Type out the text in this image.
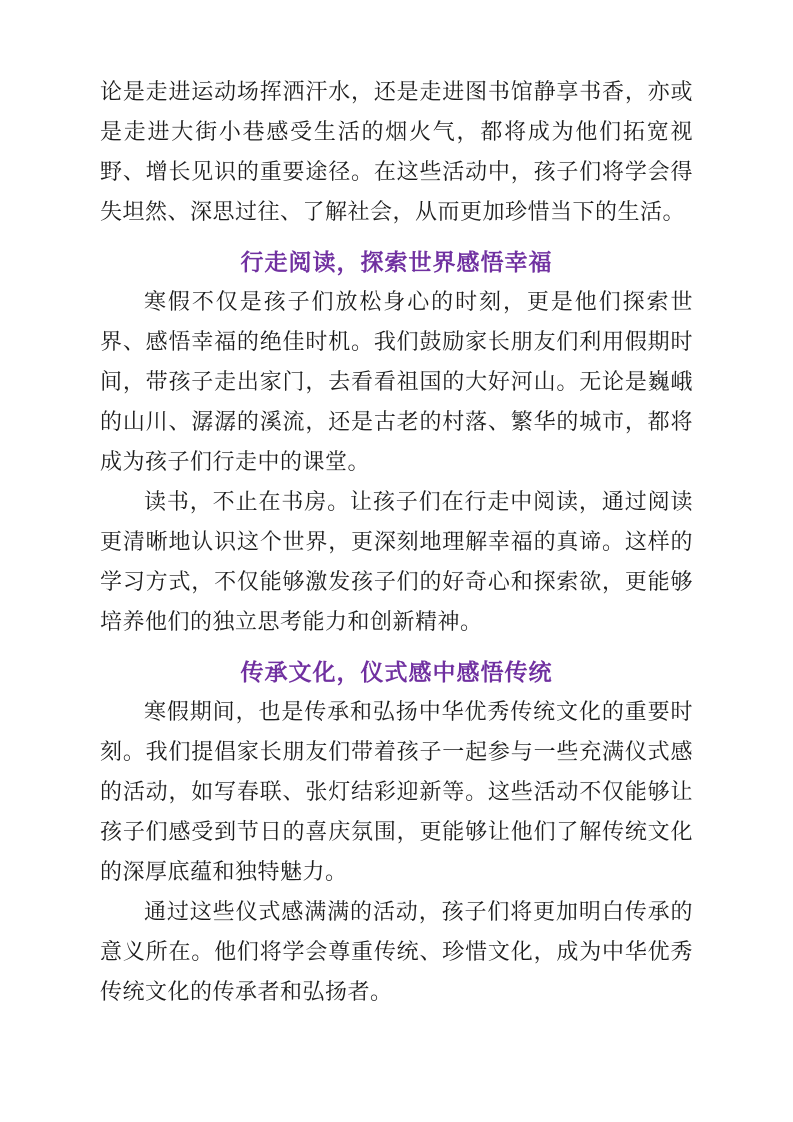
论是走进运动场挥洒汗水，还是走进图书馆静享书香，亦或是走进大街小巷感受生活的烟火气，都将成为他们拓宽视野、增长见识的重要途径。在这些活动中，孩子们将学会得失坦然、深思过往、了解社会，从而更加珍惜当下的生活。

行走阅读，探索世界感悟幸福

寒假不仅是孩子们放松身心的时刻，更是他们探索世界、感悟幸福的绝佳时机。我们鼓励家长朋友们利用假期时间，带孩子走出家门，去看看祖国的大好河山。无论是巍峨的山川、潺潺的溪流，还是古老的村落、繁华的城市，都将成为孩子们行走中的课堂。

读书，不止在书房。让孩子们在行走中阅读，通过阅读更清晰地认识这个世界，更深刻地理解幸福的真谛。这样的学习方式，不仅能够激发孩子们的好奇心和探索欲，更能够培养他们的独立思考能力和创新精神。

传承文化，仪式感中感悟传统

寒假期间，也是传承和弘扬中华优秀传统文化的重要时刻。我们提倡家长朋友们带着孩子一起参与一些充满仪式感的活动，如写春联、张灯结彩迎新等。这些活动不仅能够让孩子们感受到节日的喜庆氛围，更能够让他们了解传统文化的深厚底蕴和独特魅力。

通过这些仪式感满满的活动，孩子们将更加明白传承的意义所在。他们将学会尊重传统、珍惜文化，成为中华优秀传统文化的传承者和弘扬者。
